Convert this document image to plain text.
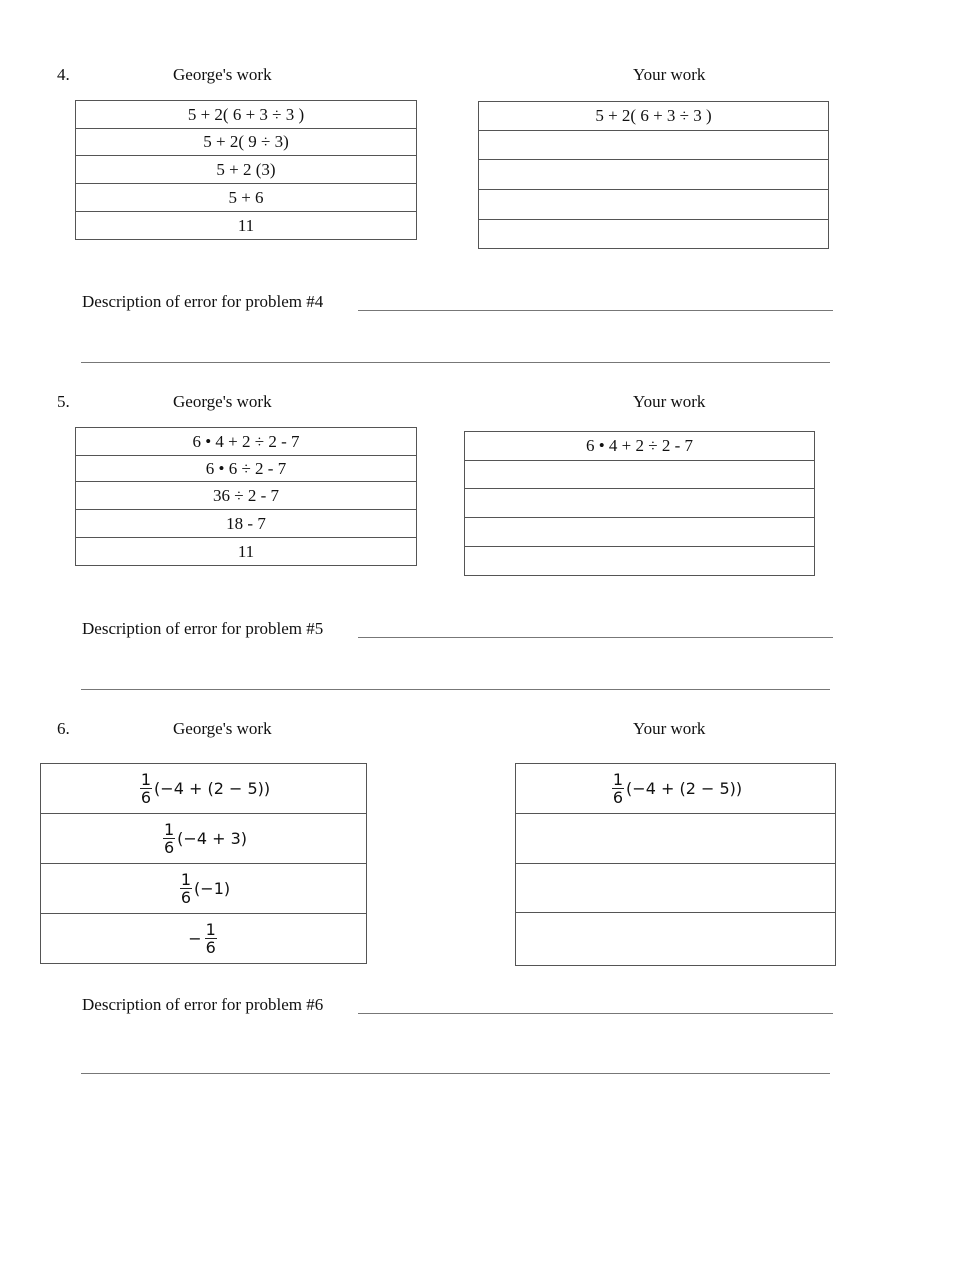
4.	George's work	Your work
5 + 2( 6 + 3 ÷ 3 )
5 + 2( 9 ÷ 3)
5 + 2 (3)
5 + 6
11
5 + 2( 6 + 3 ÷ 3 )

Description of error for problem #4
5.	George's work	Your work
6 • 4 + 2 ÷ 2 - 7
6 • 6 ÷ 2 - 7
36 ÷ 2 - 7
18 - 7
11
6 • 4 + 2 ÷ 2 - 7

Description of error for problem #5
6.	George's work	Your work
$\frac{1}{6} (-4 + (2 - 5))$

$\frac{1}{6} (-4 + 3)$

$\frac{1}{6} (-1)$

− $\frac{1}{6}$
$\frac{1}{6} (-4 + (2 - 5))$

Description of error for problem #6
